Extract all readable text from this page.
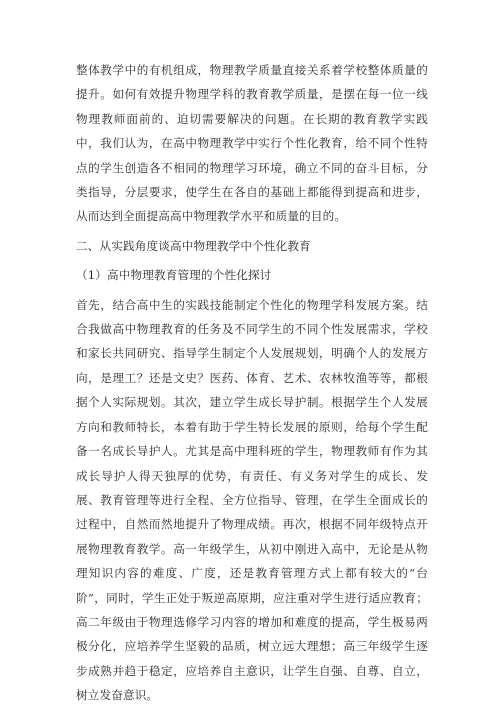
整体教学中的有机组成，物理教学质量直接关系着学校整体质量的提升。如何有效提升物理学科的教育教学质量，是摆在每一位一线物理教师面前的、迫切需要解决的问题。在长期的教育教学实践中，我们认为，在高中物理教学中实行个性化教育，给不同个性特点的学生创造各不相同的物理学习环境，确立不同的奋斗目标，分类指导，分层要求，使学生在各自的基础上都能得到提高和进步，从而达到全面提高高中物理教学水平和质量的目的。

二、从实践角度谈高中物理教学中个性化教育

（1）高中物理教育管理的个性化探讨

首先，结合高中生的实践技能制定个性化的物理学科发展方案。结合我做高中物理教育的任务及不同学生的不同个性发展需求，学校和家长共同研究、指导学生制定个人发展规划，明确个人的发展方向，是理工？还是文史？医药、体育、艺术、农林牧渔等等，都根据个人实际规划。其次，建立学生成长导护制。根据学生个人发展方向和教师特长，本着有助于学生特长发展的原则，给每个学生配备一名成长导护人。尤其是高中理科班的学生，物理教师有作为其成长导护人得天独厚的优势，有责任、有义务对学生的成长、发展、教育管理等进行全程、全方位指导、管理，在学生全面成长的过程中，自然而然地提升了物理成绩。再次，根据不同年级特点开展物理教育教学。高一年级学生，从初中刚进入高中，无论是从物理知识内容的难度、广度，还是教育管理方式上都有较大的“台阶”，同时，学生正处于叛逆高原期，应注重对学生进行适应教育；高二年级由于物理选修学习内容的增加和难度的提高，学生极易两极分化，应培养学生坚毅的品质，树立远大理想；高三年级学生逐步成熟并趋于稳定，应培养自主意识，让学生自强、自尊、自立，树立发奋意识。
